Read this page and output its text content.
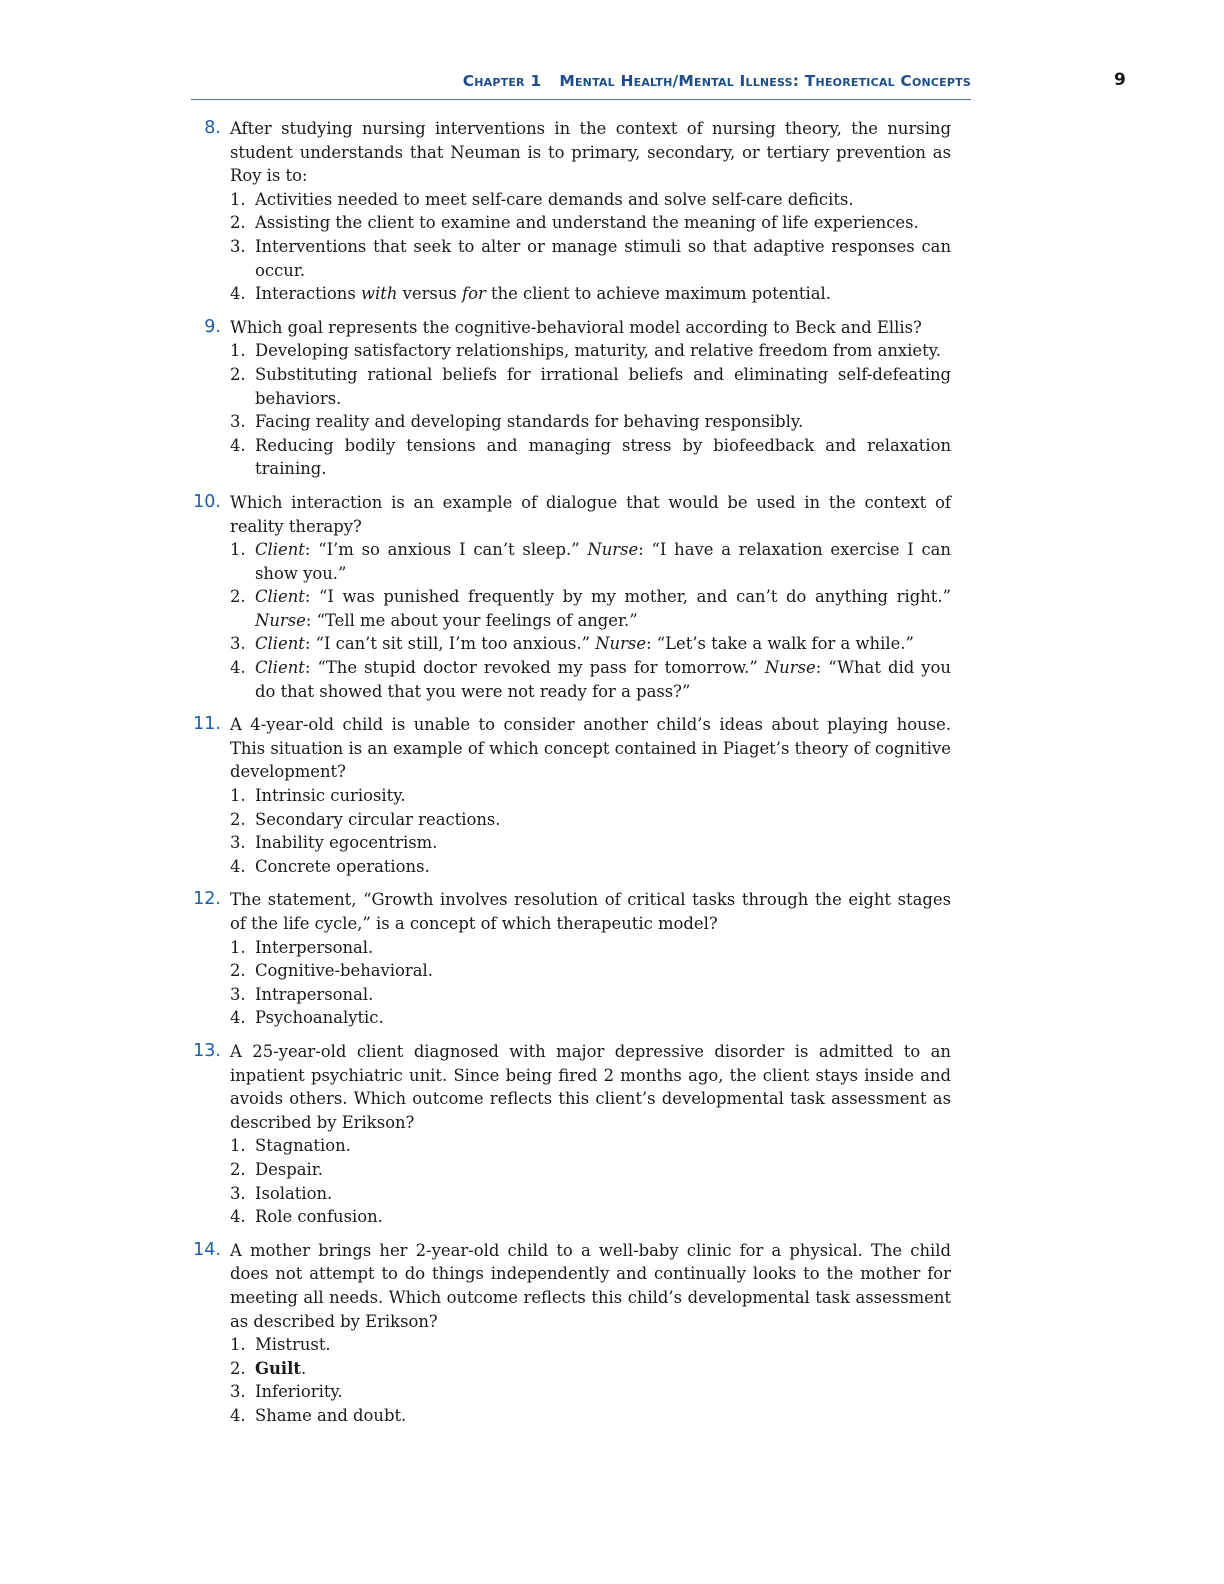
Chapter 1 Mental Health/Mental Illness: Theoretical Concepts	9
8. After studying nursing interventions in the context of nursing theory, the nursing student understands that Neuman is to primary, secondary, or tertiary prevention as Roy is to:
1. Activities needed to meet self-care demands and solve self-care deficits.
2. Assisting the client to examine and understand the meaning of life experiences.
3. Interventions that seek to alter or manage stimuli so that adaptive responses can occur.
4. Interactions with versus for the client to achieve maximum potential.
9. Which goal represents the cognitive-behavioral model according to Beck and Ellis?
1. Developing satisfactory relationships, maturity, and relative freedom from anxiety.
2. Substituting rational beliefs for irrational beliefs and eliminating self-defeating behaviors.
3. Facing reality and developing standards for behaving responsibly.
4. Reducing bodily tensions and managing stress by biofeedback and relaxation training.
10. Which interaction is an example of dialogue that would be used in the context of reality therapy?
1. Client: “I’m so anxious I can’t sleep.” Nurse: “I have a relaxation exercise I can show you.”
2. Client: “I was punished frequently by my mother, and can’t do anything right.” Nurse: “Tell me about your feelings of anger.”
3. Client: “I can’t sit still, I’m too anxious.” Nurse: “Let’s take a walk for a while.”
4. Client: “The stupid doctor revoked my pass for tomorrow.” Nurse: “What did you do that showed that you were not ready for a pass?”
11. A 4-year-old child is unable to consider another child’s ideas about playing house. This situation is an example of which concept contained in Piaget’s theory of cognitive development?
1. Intrinsic curiosity.
2. Secondary circular reactions.
3. Inability egocentrism.
4. Concrete operations.
12. The statement, “Growth involves resolution of critical tasks through the eight stages of the life cycle,” is a concept of which therapeutic model?
1. Interpersonal.
2. Cognitive-behavioral.
3. Intrapersonal.
4. Psychoanalytic.
13. A 25-year-old client diagnosed with major depressive disorder is admitted to an inpatient psychiatric unit. Since being fired 2 months ago, the client stays inside and avoids others. Which outcome reflects this client’s developmental task assessment as described by Erikson?
1. Stagnation.
2. Despair.
3. Isolation.
4. Role confusion.
14. A mother brings her 2-year-old child to a well-baby clinic for a physical. The child does not attempt to do things independently and continually looks to the mother for meeting all needs. Which outcome reflects this child’s developmental task assessment as described by Erikson?
1. Mistrust.
2. Guilt.
3. Inferiority.
4. Shame and doubt.
